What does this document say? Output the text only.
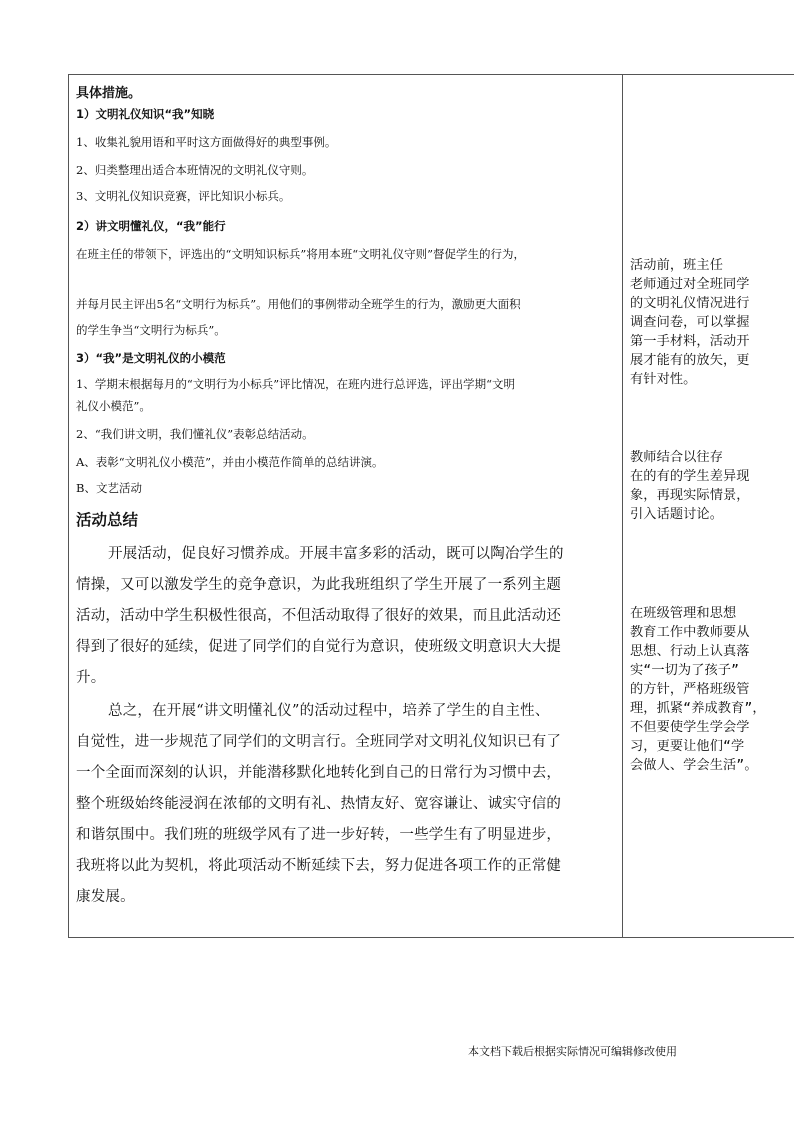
具体措施。
1）文明礼仪知识“我”知晓
1、收集礼貌用语和平时这方面做得好的典型事例。
2、归类整理出适合本班情况的文明礼仪守则。
3、文明礼仪知识竞赛，评比知识小标兵。
2）讲文明懂礼仪，“我”能行
在班主任的带领下，评选出的“文明知识标兵”将用本班“文明礼仪守则”督促学生的行为，
并每月民主评出5名“文明行为标兵”。用他们的事例带动全班学生的行为，激励更大面积
的学生争当“文明行为标兵”。
3）“我”是文明礼仪的小模范
1、学期末根据每月的“文明行为小标兵”评比情况，在班内进行总评选，评出学期“文明
礼仪小模范”。
2、“我们讲文明，我们懂礼仪”表彰总结活动。
A、表彰“文明礼仪小模范”，并由小模范作简单的总结讲演。
B、文艺活动
活动总结
开展活动，促良好习惯养成。开展丰富多彩的活动，既可以陶冶学生的
情操，又可以激发学生的竞争意识，为此我班组织了学生开展了一系列主题
活动，活动中学生积极性很高，不但活动取得了很好的效果，而且此活动还
得到了很好的延续，促进了同学们的自觉行为意识，使班级文明意识大大提
升。
总之，在开展“讲文明懂礼仪”的活动过程中，培养了学生的自主性、
自觉性，进一步规范了同学们的文明言行。全班同学对文明礼仪知识已有了
一个全面而深刻的认识，并能潜移默化地转化到自己的日常行为习惯中去，
整个班级始终能浸润在浓郁的文明有礼、热情友好、宽容谦让、诚实守信的
和谐氛围中。我们班的班级学风有了进一步好转，一些学生有了明显进步，
我班将以此为契机，将此项活动不断延续下去，努力促进各项工作的正常健
康发展。
活动前，班主任
老师通过对全班同学
的文明礼仪情况进行
调查问卷，可以掌握
第一手材料，活动开
展才能有的放矢，更
有针对性。
教师结合以往存
在的有的学生差异现
象，再现实际情景，
引入话题讨论。
在班级管理和思想
教育工作中教师要从
思想、行动上认真落
实“一切为了孩子”
的方针，严格班级管
理，抓紧“养成教育”，
不但要使学生学会学
习，更要让他们“学
会做人、学会生活”。
本文档下载后根据实际情况可编辑修改使用
